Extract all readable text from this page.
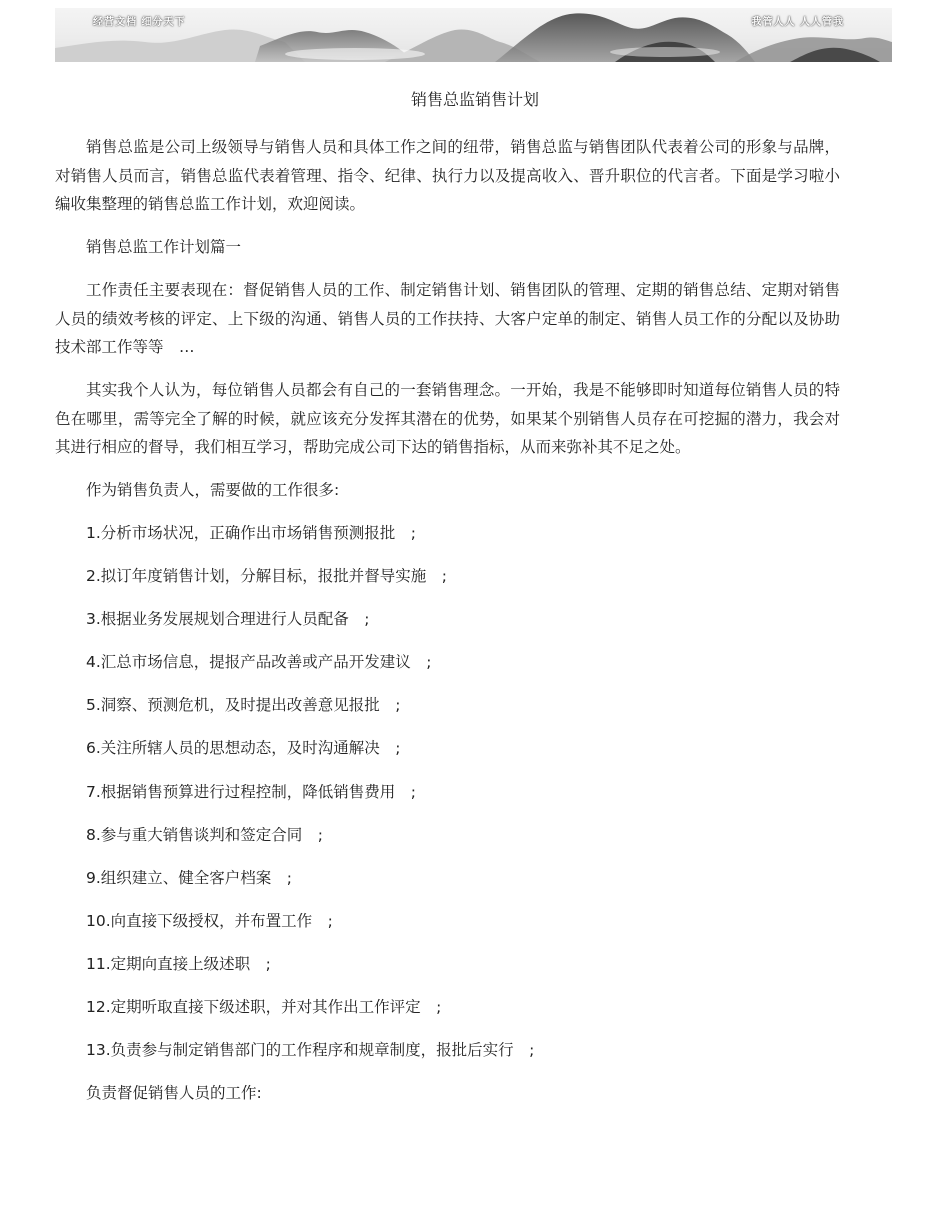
经营文档 细分天下	我管人人 人人管我
销售总监销售计划

销售总监是公司上级领导与销售人员和具体工作之间的纽带，销售总监与销售团队代表着公司的形象与品牌，对销售人员而言，销售总监代表着管理、指令、纪律、执行力以及提高收入、晋升职位的代言者。下面是学习啦小编收集整理的销售总监工作计划，欢迎阅读。

销售总监工作计划篇一

工作责任主要表现在：督促销售人员的工作、制定销售计划、销售团队的管理、定期的销售总结、定期对销售人员的绩效考核的评定、上下级的沟通、销售人员的工作扶持、大客户定单的制定、销售人员工作的分配以及协助技术部工作等等　…

其实我个人认为，每位销售人员都会有自己的一套销售理念。一开始，我是不能够即时知道每位销售人员的特色在哪里，需等完全了解的时候，就应该充分发挥其潜在的优势，如果某个别销售人员存在可挖掘的潜力，我会对其进行相应的督导，我们相互学习，帮助完成公司下达的销售指标，从而来弥补其不足之处。

作为销售负责人，需要做的工作很多:

1.分析市场状况，正确作出市场销售预测报批　;

2.拟订年度销售计划，分解目标，报批并督导实施　;

3.根据业务发展规划合理进行人员配备　;

4.汇总市场信息，提报产品改善或产品开发建议　;

5.洞察、预测危机，及时提出改善意见报批　;

6.关注所辖人员的思想动态，及时沟通解决　;

7.根据销售预算进行过程控制，降低销售费用　;

8.参与重大销售谈判和签定合同　;

9.组织建立、健全客户档案　;

10.向直接下级授权，并布置工作　;

11.定期向直接上级述职　;

12.定期听取直接下级述职，并对其作出工作评定　;

13.负责参与制定销售部门的工作程序和规章制度，报批后实行　;

负责督促销售人员的工作:
